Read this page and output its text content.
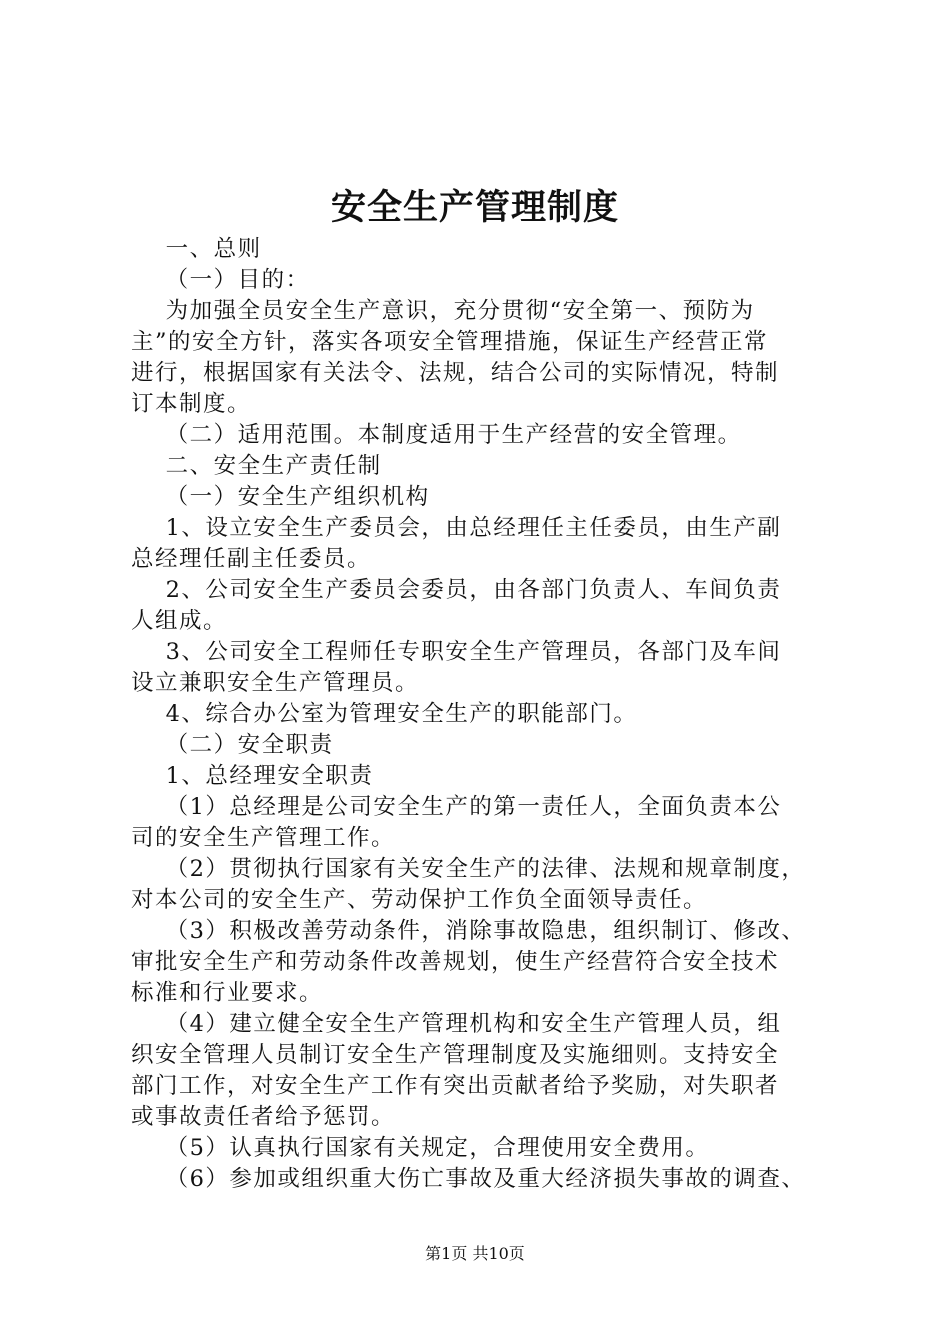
安全生产管理制度
一、总则
（一）目的：
为加强全员安全生产意识，充分贯彻“安全第一、预防为
主”的安全方针，落实各项安全管理措施，保证生产经营正常
进行，根据国家有关法令、法规，结合公司的实际情况，特制
订本制度。
（二）适用范围。本制度适用于生产经营的安全管理。
二、安全生产责任制
（一）安全生产组织机构
1、设立安全生产委员会，由总经理任主任委员，由生产副
总经理任副主任委员。
2、公司安全生产委员会委员，由各部门负责人、车间负责
人组成。
3、公司安全工程师任专职安全生产管理员，各部门及车间
设立兼职安全生产管理员。
4、综合办公室为管理安全生产的职能部门。
（二）安全职责
1、总经理安全职责
（1）总经理是公司安全生产的第一责任人，全面负责本公
司的安全生产管理工作。
（2）贯彻执行国家有关安全生产的法律、法规和规章制度，
对本公司的安全生产、劳动保护工作负全面领导责任。
（3）积极改善劳动条件，消除事故隐患，组织制订、修改、
审批安全生产和劳动条件改善规划，使生产经营符合安全技术
标准和行业要求。
（4）建立健全安全生产管理机构和安全生产管理人员，组
织安全管理人员制订安全生产管理制度及实施细则。支持安全
部门工作，对安全生产工作有突出贡献者给予奖励，对失职者
或事故责任者给予惩罚。
（5）认真执行国家有关规定，合理使用安全费用。
（6）参加或组织重大伤亡事故及重大经济损失事故的调查、
第1页 共10页
